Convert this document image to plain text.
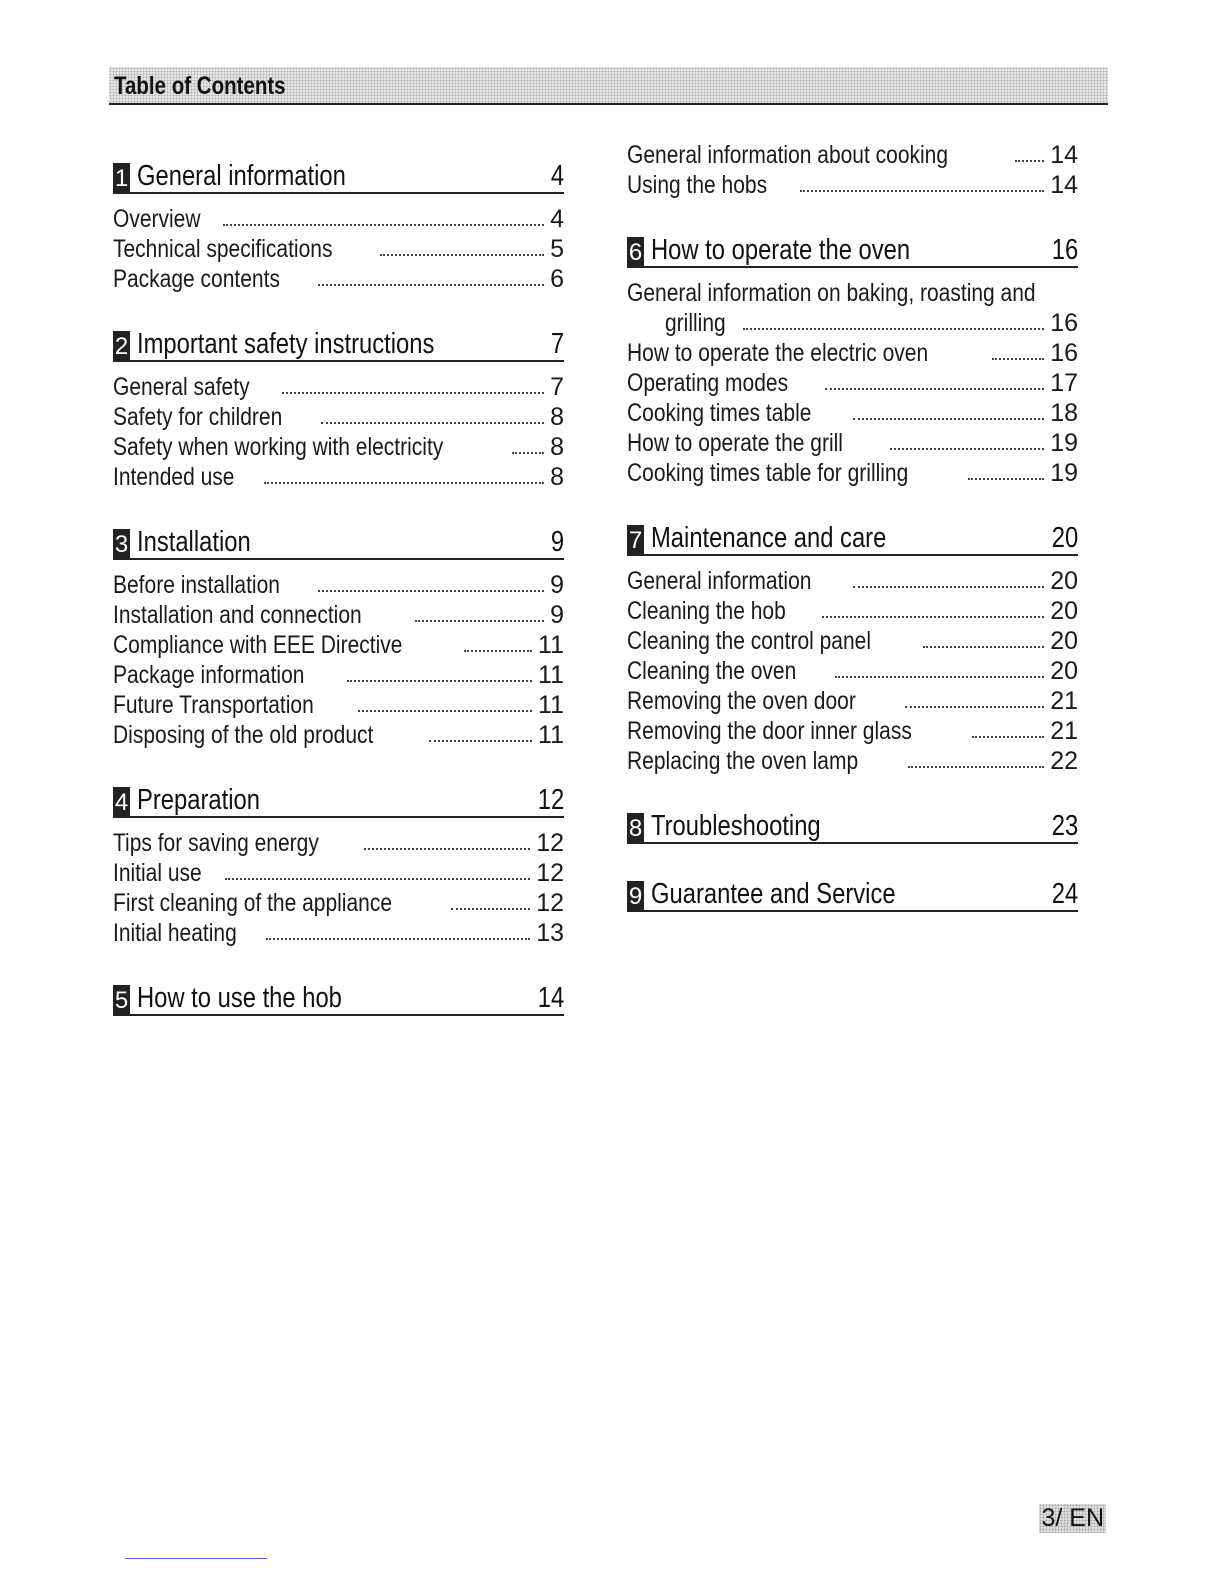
Table of Contents
1 General information	4
Overview	4
Technical specifications	5
Package contents	6
2 Important safety instructions	7
General safety	7
Safety for children	8
Safety when working with electricity	8
Intended use	8
3 Installation	9
Before installation	9
Installation and connection	9
Compliance with EEE Directive	11
Package information	11
Future Transportation	11
Disposing of the old product	11
4 Preparation	12
Tips for saving energy	12
Initial use	12
First cleaning of the appliance	12
Initial heating	13
5 How to use the hob	14
General information about cooking	14
Using the hobs	14
6 How to operate the oven	16
General information on baking, roasting and
grilling	16
How to operate the electric oven	16
Operating modes	17
Cooking times table	18
How to operate the grill	19
Cooking times table for grilling	19
7 Maintenance and care	20
General information	20
Cleaning the hob	20
Cleaning the control panel	20
Cleaning the oven	20
Removing the oven door	21
Removing the door inner glass	21
Replacing the oven lamp	22
8 Troubleshooting	23
9 Guarantee and Service	24
3/ EN
